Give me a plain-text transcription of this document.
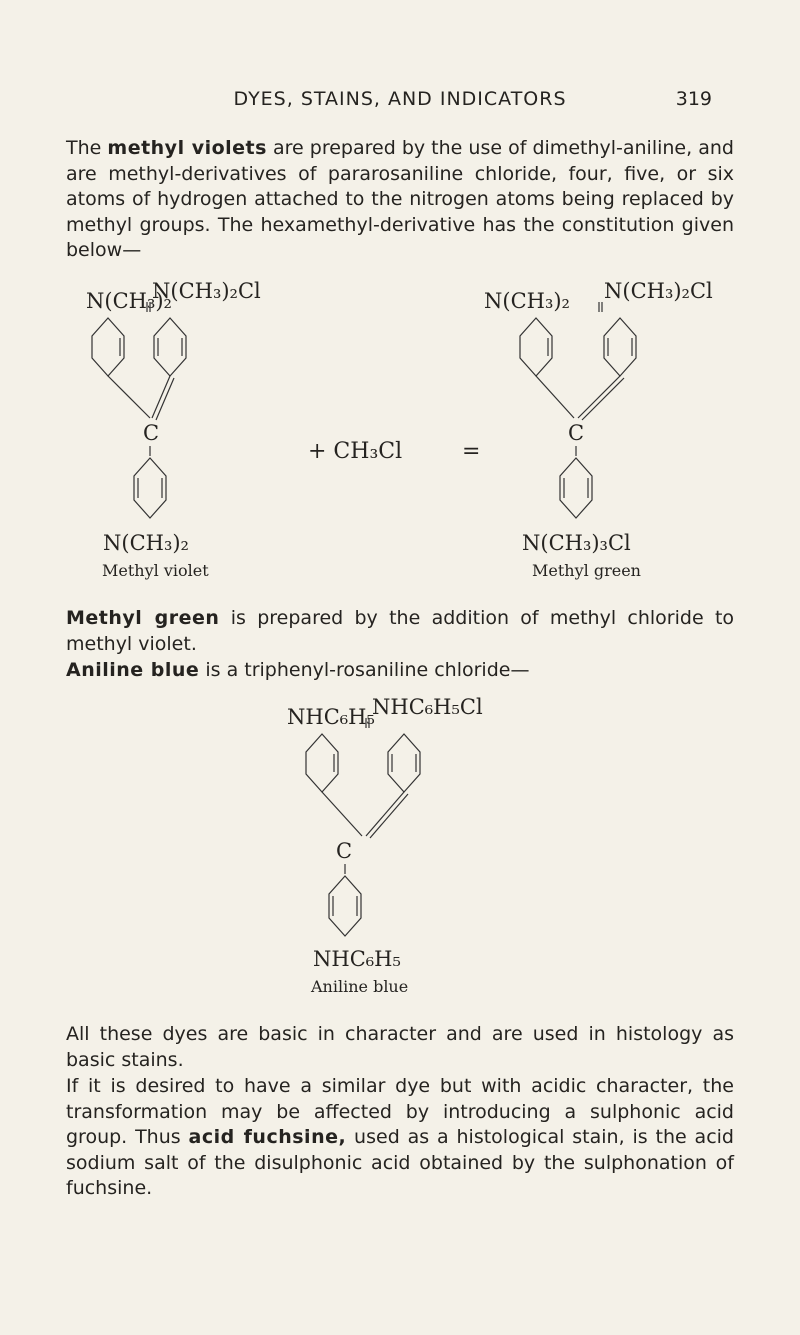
DYES, STAINS, AND INDICATORS	319

The methyl violets are prepared by the use of dimethyl-aniline, and are methyl-derivatives of pararosaniline chloride, four, five, or six atoms of hydrogen attached to the nitrogen atoms being replaced by methyl groups. The hexamethyl-derivative has the constitution given below—

N(CH₃)₂
N(CH₃)₂Cl
C
N(CH₃)₂
Methyl violet
+ CH₃Cl	=
N(CH₃)₂ N(CH₃)₂Cl
C
N(CH₃)₃Cl
Methyl green

Methyl green is prepared by the addition of methyl chloride to methyl violet.

Aniline blue is a triphenyl-rosaniline chloride—

NHC₆H₅
NHC₆H₅Cl
C
NHC₆H₅
Aniline blue

All these dyes are basic in character and are used in histology as basic stains.

If it is desired to have a similar dye but with acidic character, the transformation may be affected by introducing a sulphonic acid group. Thus acid fuchsine, used as a histological stain, is the acid sodium salt of the disulphonic acid obtained by the sulphonation of fuchsine.
